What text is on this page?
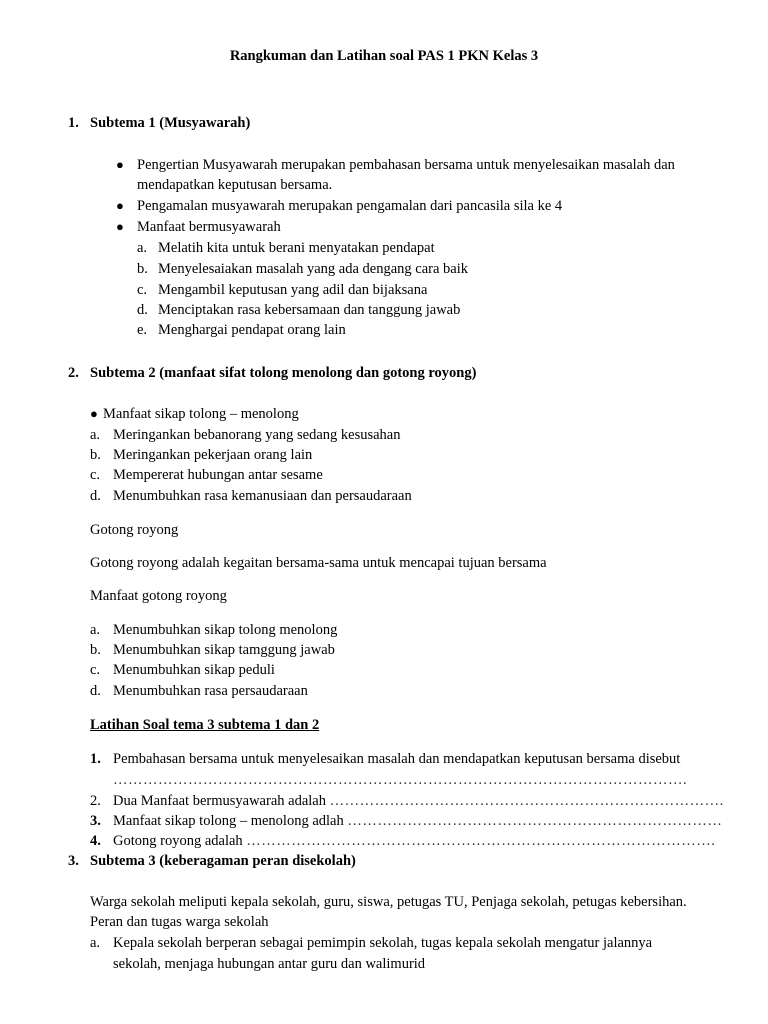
Rangkuman dan Latihan soal PAS 1 PKN Kelas 3
1. Subtema 1 (Musyawarah)
● Pengertian Musyawarah merupakan pembahasan bersama untuk menyelesaikan masalah dan
mendapatkan keputusan bersama.
● Pengamalan musyawarah merupakan pengamalan dari pancasila sila ke 4
● Manfaat bermusyawarah
a. Melatih kita untuk berani menyatakan pendapat
b. Menyelesaiakan masalah yang ada dengang cara baik
c. Mengambil keputusan yang adil dan bijaksana
d. Menciptakan rasa kebersamaan dan tanggung jawab
e. Menghargai pendapat orang lain
2. Subtema 2 (manfaat sifat tolong menolong dan gotong royong)
● Manfaat sikap tolong – menolong
a. Meringankan bebanorang yang sedang kesusahan
b. Meringankan pekerjaan orang lain
c. Mempererat hubungan antar sesame
d. Menumbuhkan rasa kemanusiaan dan persaudaraan
Gotong royong
Gotong royong adalah kegaitan bersama-sama untuk mencapai tujuan bersama
Manfaat gotong royong
a. Menumbuhkan sikap tolong menolong
b. Menumbuhkan sikap tamggung jawab
c. Menumbuhkan sikap peduli
d. Menumbuhkan rasa persaudaraan
Latihan Soal tema 3 subtema 1 dan 2
1. Pembahasan bersama untuk menyelesaikan masalah dan mendapatkan keputusan bersama disebut
…………………………………………………………………………………………………….
2. Dua Manfaat bermusyawarah adalah …………………………………………………………………….
3. Manfaat sikap tolong – menolong adlah …………………………………………………………………
4. Gotong royong adalah ………………………………………………………………………………….
3. Subtema 3 (keberagaman peran disekolah)
Warga sekolah meliputi kepala sekolah, guru, siswa, petugas TU, Penjaga sekolah, petugas kebersihan.
Peran dan tugas warga sekolah
a. Kepala sekolah berperan sebagai pemimpin sekolah, tugas kepala sekolah mengatur jalannya
sekolah, menjaga hubungan antar guru dan walimurid
